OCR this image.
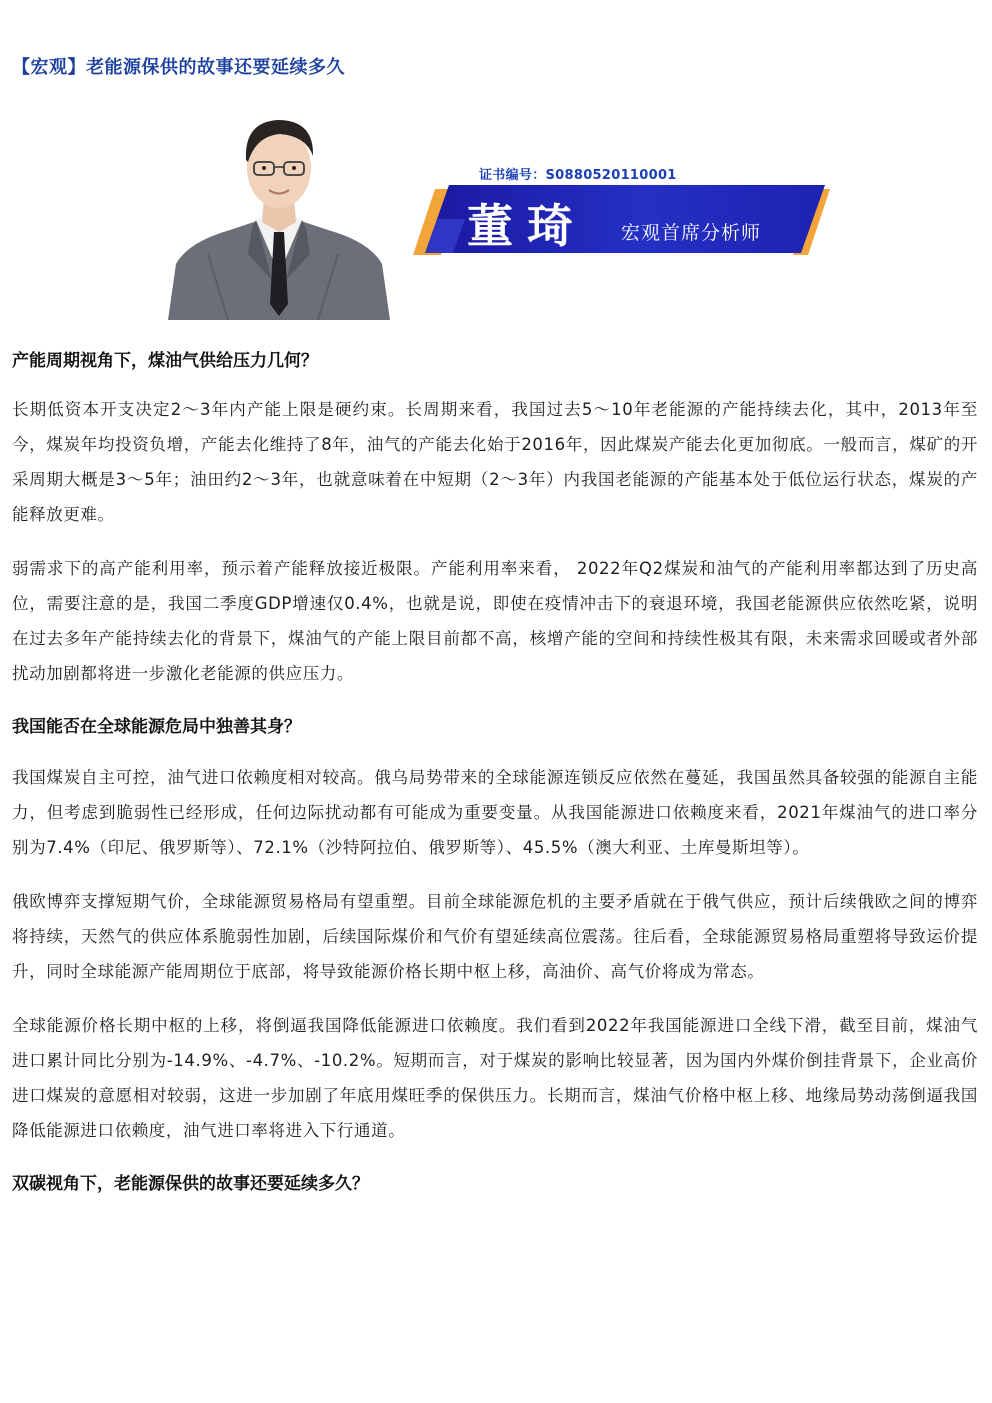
【宏观】老能源保供的故事还要延续多久
证书编号：S0880520110001
董琦 宏观首席分析师
产能周期视角下，煤油气供给压力几何？

长期低资本开支决定2～3年内产能上限是硬约束。长周期来看，我国过去5～10年老能源的产能持续去化，其中，2013年至今，煤炭年均投资负增，产能去化维持了8年，油气的产能去化始于2016年，因此煤炭产能去化更加彻底。一般而言，煤矿的开采周期大概是3～5年；油田约2～3年，也就意味着在中短期（2～3年）内我国老能源的产能基本处于低位运行状态，煤炭的产能释放更难。

弱需求下的高产能利用率，预示着产能释放接近极限。产能利用率来看， 2022年Q2煤炭和油气的产能利用率都达到了历史高位，需要注意的是，我国二季度GDP增速仅0.4%，也就是说，即使在疫情冲击下的衰退环境，我国老能源供应依然吃紧，说明在过去多年产能持续去化的背景下，煤油气的产能上限目前都不高，核增产能的空间和持续性极其有限，未来需求回暖或者外部扰动加剧都将进一步激化老能源的供应压力。

我国能否在全球能源危局中独善其身？

我国煤炭自主可控，油气进口依赖度相对较高。俄乌局势带来的全球能源连锁反应依然在蔓延，我国虽然具备较强的能源自主能力，但考虑到脆弱性已经形成，任何边际扰动都有可能成为重要变量。从我国能源进口依赖度来看，2021年煤油气的进口率分别为7.4%（印尼、俄罗斯等）、72.1%（沙特阿拉伯、俄罗斯等）、45.5%（澳大利亚、土库曼斯坦等）。

俄欧博弈支撑短期气价，全球能源贸易格局有望重塑。目前全球能源危机的主要矛盾就在于俄气供应，预计后续俄欧之间的博弈将持续，天然气的供应体系脆弱性加剧，后续国际煤价和气价有望延续高位震荡。往后看，全球能源贸易格局重塑将导致运价提升，同时全球能源产能周期位于底部，将导致能源价格长期中枢上移，高油价、高气价将成为常态。

全球能源价格长期中枢的上移，将倒逼我国降低能源进口依赖度。我们看到2022年我国能源进口全线下滑，截至目前，煤油气进口累计同比分别为-14.9%、-4.7%、-10.2%。短期而言，对于煤炭的影响比较显著，因为国内外煤价倒挂背景下，企业高价进口煤炭的意愿相对较弱，这进一步加剧了年底用煤旺季的保供压力。长期而言，煤油气价格中枢上移、地缘局势动荡倒逼我国降低能源进口依赖度，油气进口率将进入下行通道。

双碳视角下，老能源保供的故事还要延续多久？
